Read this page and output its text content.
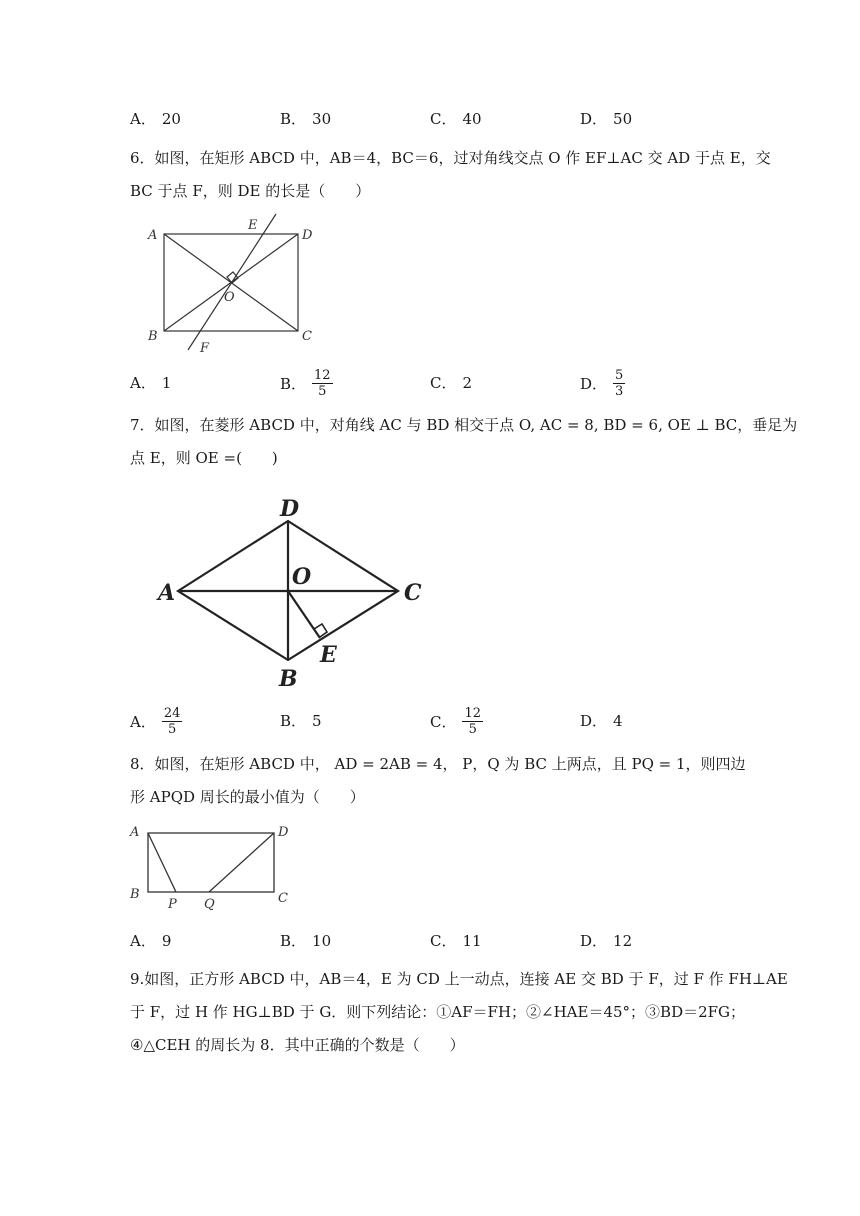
A． 20	B． 30	C． 40	D． 50
6．如图，在矩形 ABCD 中，AB＝4，BC＝6，过对角线交点 O 作 EF⊥AC 交 AD 于点 E，交
BC 于点 F，则 DE 的长是（　　）
A	D
B	C
E
F
O
A． 1	B． $\frac{12}{5}$	C． 2	D． $\frac{5}{3}$
7．如图，在菱形 ABCD 中，对角线 AC 与 BD 相交于点 O, AC = 8, BD = 6, OE ⊥ BC，垂足为
点 E，则 OE =(　　)
D
A
O
C
E
B
A． $\frac{24}{5}$	B． 5	C． $\frac{12}{5}$	D． 4
8．如图，在矩形 ABCD 中， AD = 2AB = 4， P，Q 为 BC 上两点，且 PQ = 1，则四边
形 APQD 周长的最小值为（　　）
A	D
B	C
P Q
A． 9	B． 10	C． 11	D． 12
9.如图，正方形 ABCD 中，AB＝4，E 为 CD 上一动点，连接 AE 交 BD 于 F，过 F 作 FH⊥AE
于 F，过 H 作 HG⊥BD 于 G．则下列结论：①AF＝FH；②∠HAE＝45°；③BD＝2FG；
④△CEH 的周长为 8．其中正确的个数是（　　）
